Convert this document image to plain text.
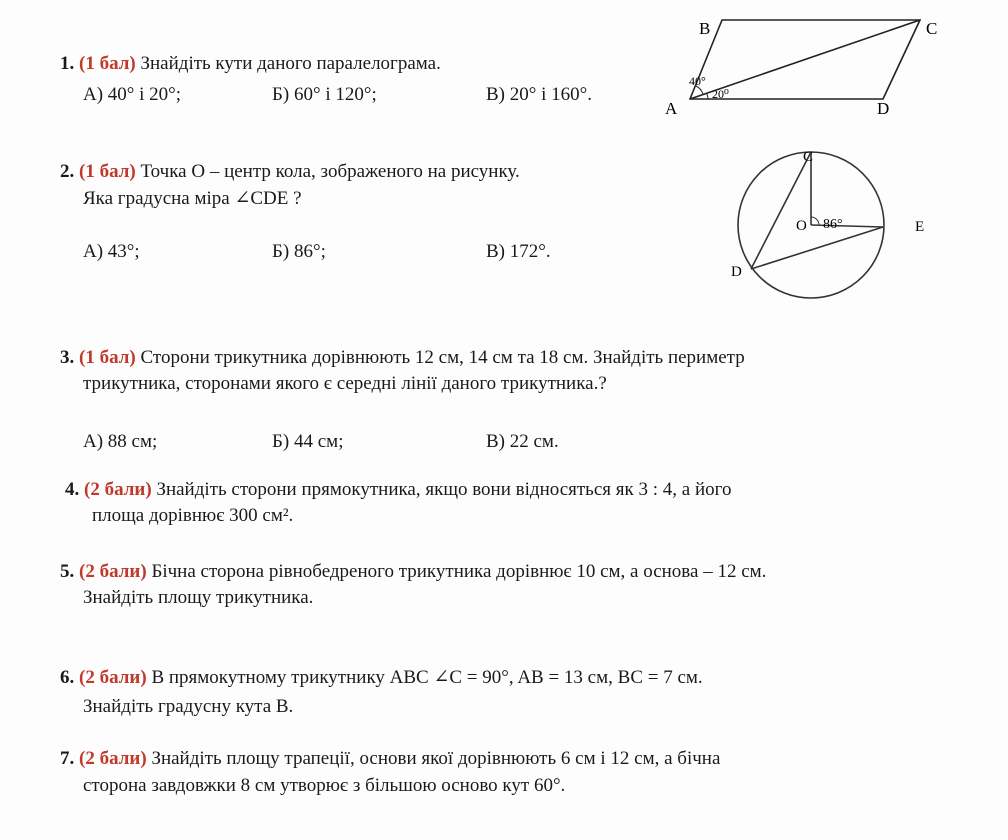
1. (1 бал) Знайдіть кути даного паралелограма.
А) 40° і 20°;	Б) 60° і 120°;	В) 20° і 160°.
A
B	C
D
40°
20⁰
2. (1 бал) Точка О – центр кола, зображеного на рисунку.
Яка градусна міра ∠CDE ?
А) 43°;	Б) 86°;	В) 172°.
C
O
D
E
86°
3. (1 бал) Сторони трикутника дорівнюють 12 см, 14 см та 18 см. Знайдіть периметр
трикутника, сторонами якого є середні лінії даного трикутника.?
А) 88 см;	Б) 44 см;	В) 22 см.
4. (2 бали) Знайдіть сторони прямокутника, якщо вони відносяться як 3 : 4, а його
площа дорівнює 300 см².
5. (2 бали) Бічна сторона рівнобедреного трикутника дорівнює 10 см, а основа – 12 см.
Знайдіть площу трикутника.
6. (2 бали) В прямокутному трикутнику ABC ∠C = 90°, AB = 13 см, BC = 7 см.
Знайдіть градусну кута B.
7. (2 бали) Знайдіть площу трапеції, основи якої дорівнюють 6 см і 12 см, а бічна
сторона завдовжки 8 см утворює з більшою осново кут 60°.
